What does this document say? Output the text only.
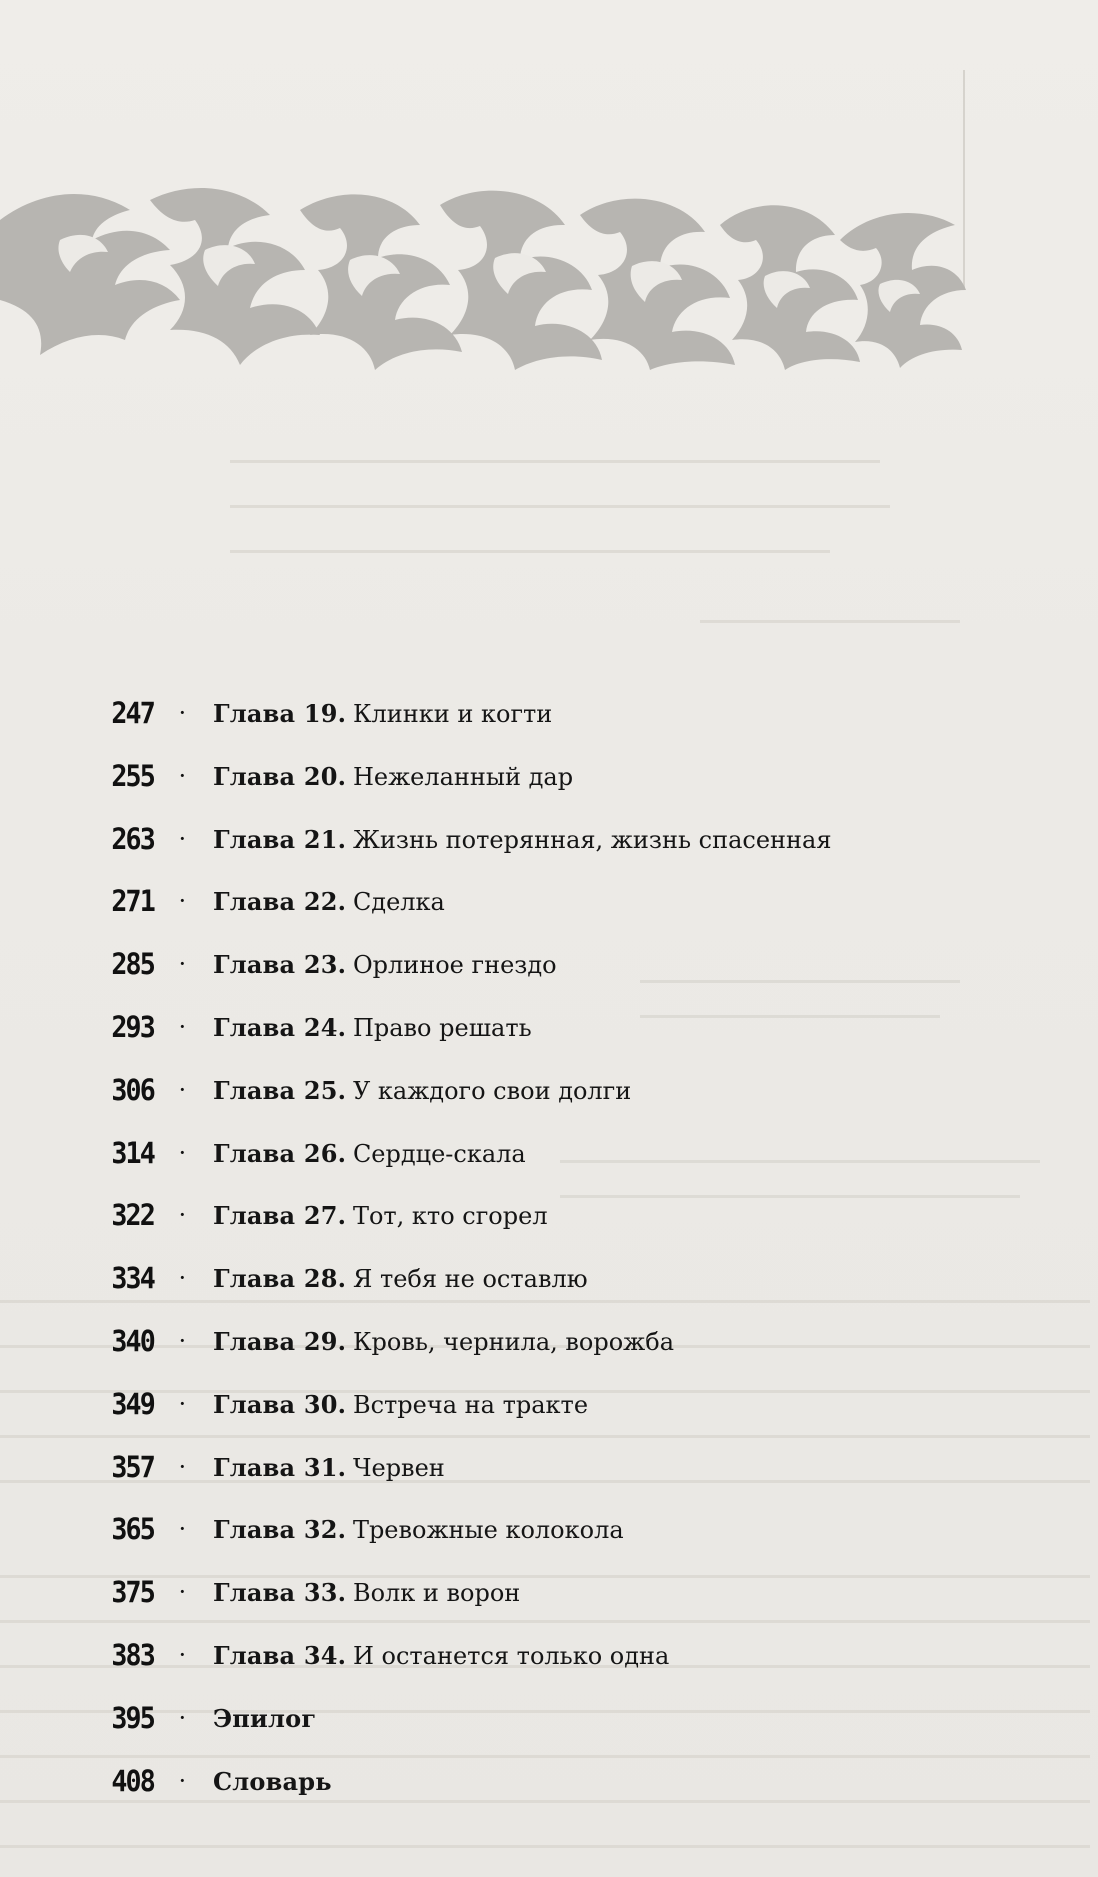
247 · Глава 19. Клинки и когти
255 · Глава 20. Нежеланный дар
263 · Глава 21. Жизнь потерянная, жизнь спасенная
271 · Глава 22. Сделка
285 · Глава 23. Орлиное гнездо
293 · Глава 24. Право решать
306 · Глава 25. У каждого свои долги
314 · Глава 26. Сердце-скала
322 · Глава 27. Тот, кто сгорел
334 · Глава 28. Я тебя не оставлю
340 · Глава 29. Кровь, чернила, ворожба
349 · Глава 30. Встреча на тракте
357 · Глава 31. Червен
365 · Глава 32. Тревожные колокола
375 · Глава 33. Волк и ворон
383 · Глава 34. И останется только одна
395 · Эпилог
408 · Словарь
